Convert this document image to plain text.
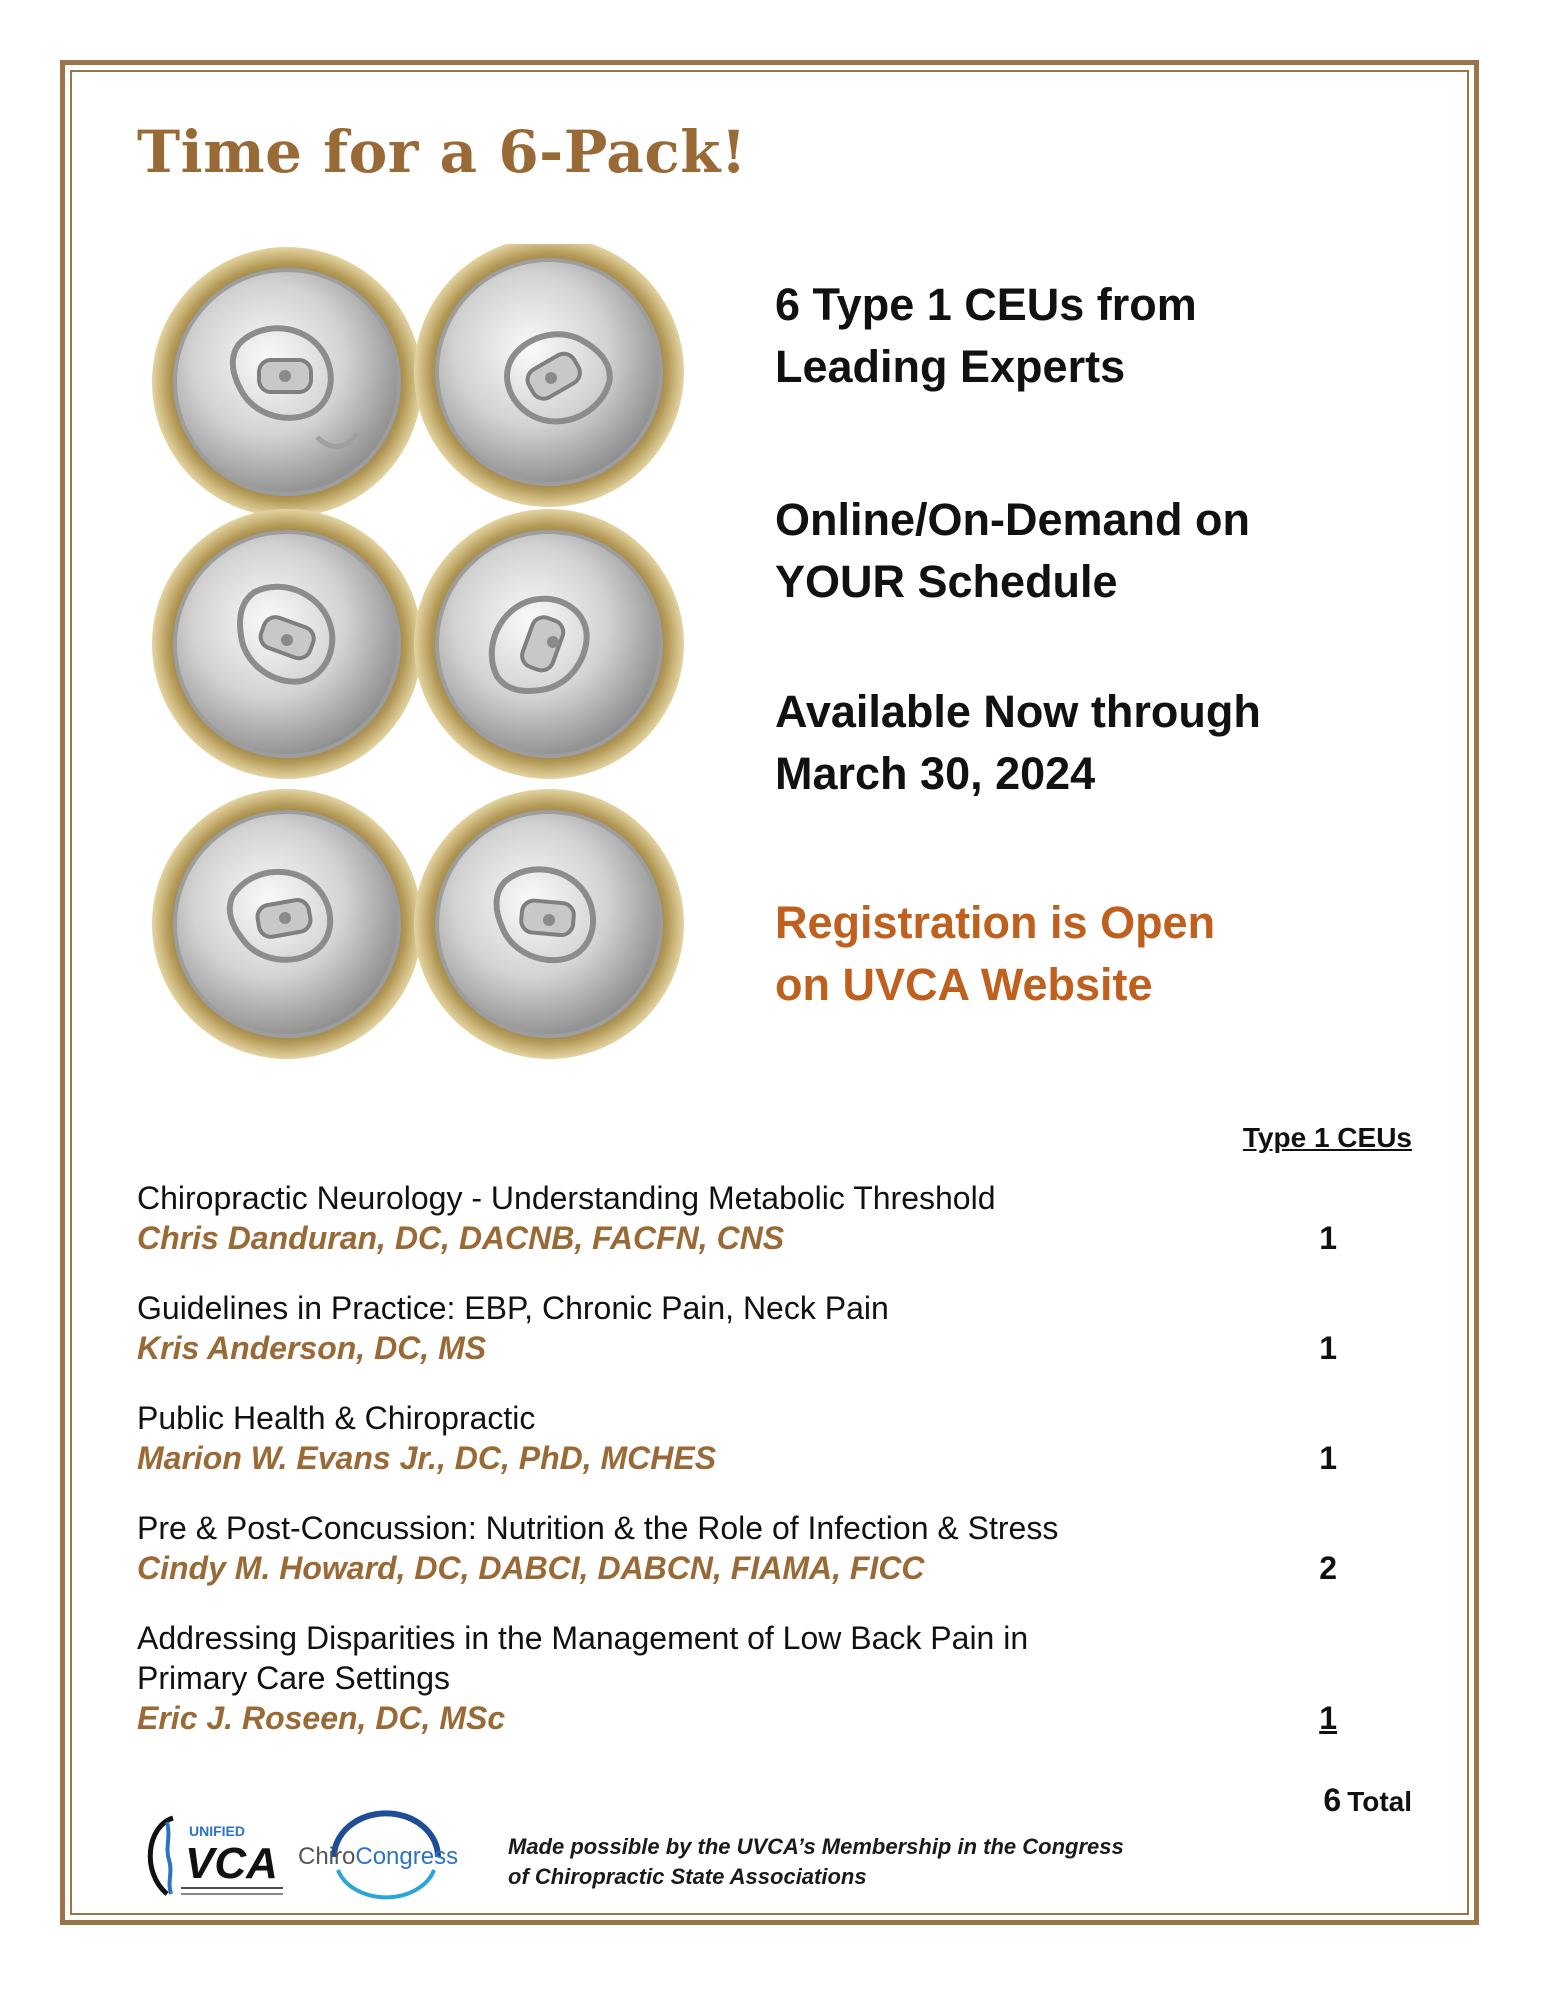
Time for a 6-Pack!

6 Type 1 CEUs from
Leading Experts

Online/On-Demand on
YOUR Schedule

Available Now through
March 30, 2024

Registration is Open
on UVCA Website

Type 1 CEUs
Chiropractic Neurology - Understanding Metabolic Threshold
Chris Danduran, DC, DACNB, FACFN, CNS	1
Guidelines in Practice: EBP, Chronic Pain, Neck Pain
Kris Anderson, DC, MS	1
Public Health & Chiropractic
Marion W. Evans Jr., DC, PhD, MCHES	1
Pre & Post-Concussion: Nutrition & the Role of Infection & Stress
Cindy M. Howard, DC, DABCI, DABCN, FIAMA, FICC	2
Addressing Disparities in the Management of Low Back Pain in
Primary Care Settings
Eric J. Roseen, DC, MSc	1
6 Total
UNIFIED
VCA ChiroCongress Made possible by the UVCA’s Membership in the Congress
of Chiropractic State Associations
